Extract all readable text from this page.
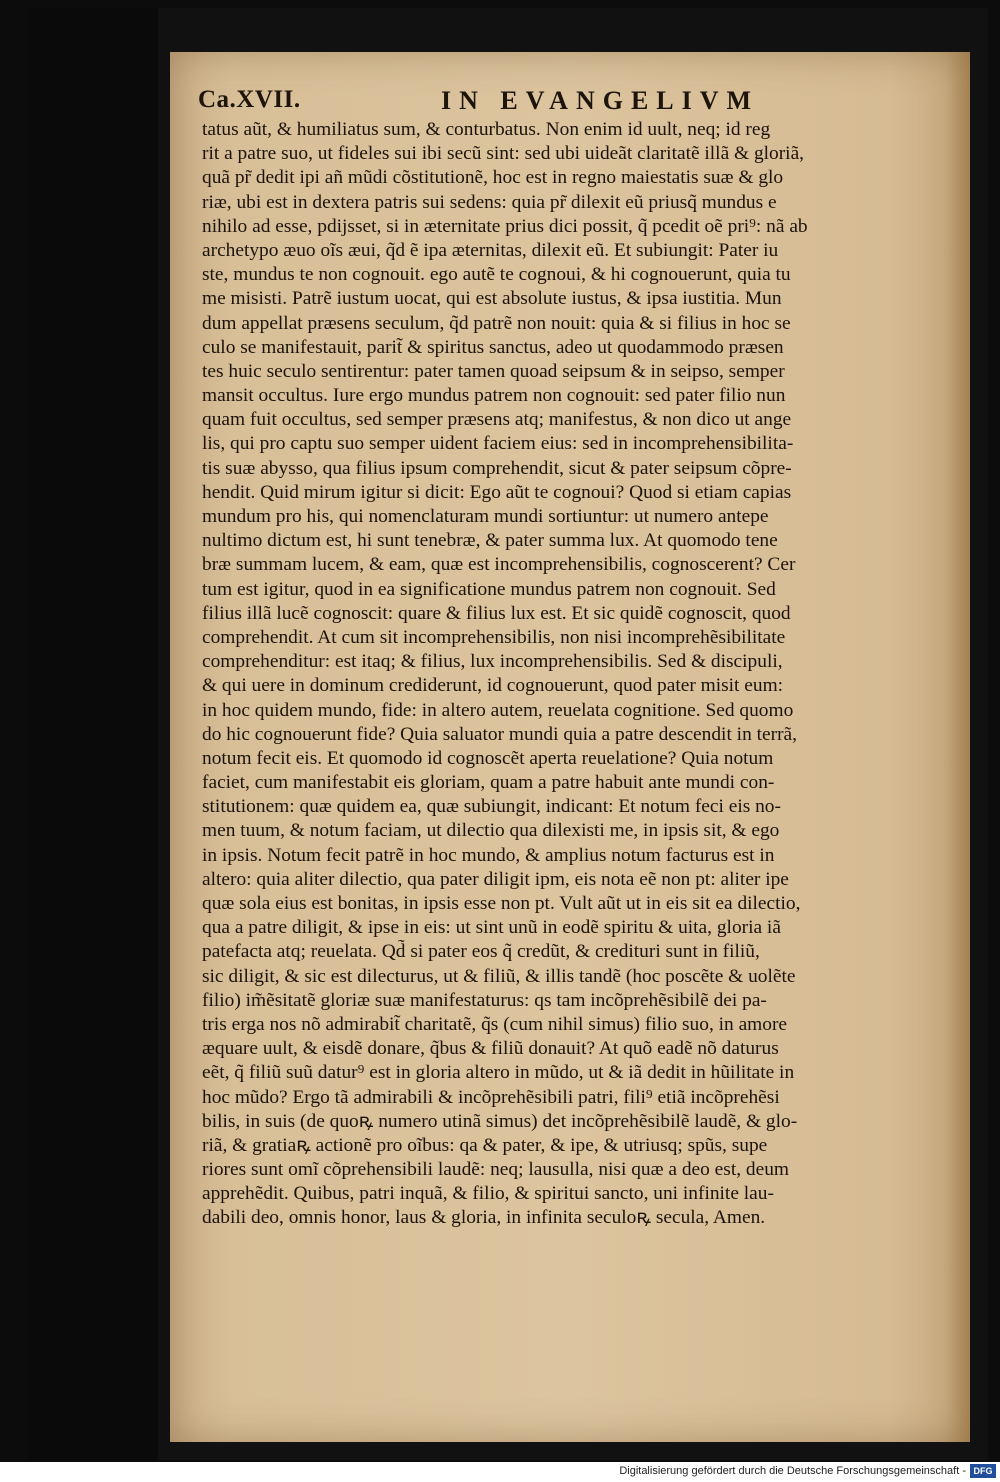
Ca.XVII.	IN EVANGELIVM
tatus aũt, & humiliatus sum, & conturbatus. Non enim id uult, neq; id reg
rit a patre suo, ut fideles sui ibi secũ sint: sed ubi uideãt claritatẽ illã & gloriã,
quã pr̃ dedit ipi añ mũdi cõstitutionẽ, hoc est in regno maiestatis suæ & glo
riæ, ubi est in dextera patris sui sedens: quia pr̃ dilexit eũ priusq̃ mundus e
nihilo ad esse, pdijsset, si in æternitate prius dici possit, q̃ pcedit oẽ pri⁹: nã ab
archetypo æuo oĩs æui, q̃d ẽ ipa æternitas, dilexit eũ. Et subiungit: Pater iu
ste, mundus te non cognouit. ego autẽ te cognoui, & hi cognouerunt, quia tu
me misisti. Patrẽ iustum uocat, qui est absolute iustus, & ipsa iustitia. Mun
dum appellat præsens seculum, q̃d patrẽ non nouit: quia & si filius in hoc se
culo se manifestauit, parit̃ & spiritus sanctus, adeo ut quodammodo præsen
tes huic seculo sentirentur: pater tamen quoad seipsum & in seipso, semper
mansit occultus. Iure ergo mundus patrem non cognouit: sed pater filio nun
quam fuit occultus, sed semper præsens atq; manifestus, & non dico ut ange
lis, qui pro captu suo semper uident faciem eius: sed in incomprehensibilita-
tis suæ abysso, qua filius ipsum comprehendit, sicut & pater seipsum cõpre-
hendit. Quid mirum igitur si dicit: Ego aũt te cognoui? Quod si etiam capias
mundum pro his, qui nomenclaturam mundi sortiuntur: ut numero antepe
nultimo dictum est, hi sunt tenebræ, & pater summa lux. At quomodo tene
bræ summam lucem, & eam, quæ est incomprehensibilis, cognoscerent? Cer
tum est igitur, quod in ea significatione mundus patrem non cognouit. Sed
filius illã lucẽ cognoscit: quare & filius lux est. Et sic quidẽ cognoscit, quod
comprehendit. At cum sit incomprehensibilis, non nisi incomprehẽsibilitate
comprehenditur: est itaq; & filius, lux incomprehensibilis. Sed & discipuli,
& qui uere in dominum crediderunt, id cognouerunt, quod pater misit eum:
in hoc quidem mundo, fide: in altero autem, reuelata cognitione. Sed quomo
do hic cognouerunt fide? Quia saluator mundi quia a patre descendit in terrã,
notum fecit eis. Et quomodo id cognoscẽt aperta reuelatione? Quia notum
faciet, cum manifestabit eis gloriam, quam a patre habuit ante mundi con-
stitutionem: quæ quidem ea, quæ subiungit, indicant: Et notum feci eis no-
men tuum, & notum faciam, ut dilectio qua dilexisti me, in ipsis sit, & ego
in ipsis. Notum fecit patrẽ in hoc mundo, & amplius notum facturus est in
altero: quia aliter dilectio, qua pater diligit ipm, eis nota eẽ non pt: aliter ipe
quæ sola eius est bonitas, in ipsis esse non pt. Vult aũt ut in eis sit ea dilectio,
qua a patre diligit, & ipse in eis: ut sint unũ in eodẽ spiritu & uita, gloria iã
patefacta atq; reuelata. Qd̃ si pater eos q̃ credũt, & credituri sunt in filiũ,
sic diligit, & sic est dilecturus, ut & filiũ, & illis tandẽ (hoc poscẽte & uolẽte
filio) im̃ẽsitatẽ gloriæ suæ manifestaturus: qs tam incõprehẽsibilẽ dei pa-
tris erga nos nõ admirabit̃ charitatẽ, q̃s (cum nihil simus) filio suo, in amore
æquare uult, & eisdẽ donare, q̃bus & filiũ donauit? At quõ eadẽ nõ daturus
eẽt, q̃ filiũ suũ datur⁹ est in gloria altero in mũdo, ut & iã dedit in hũilitate in
hoc mũdo? Ergo tã admirabili & incõprehẽsibili patri, fili⁹ etiã incõprehẽsi
bilis, in suis (de quoꝶ numero utinã simus) det incõprehẽsibilẽ laudẽ, & glo-
riã, & gratiaꝶ actionẽ pro oĩbus: qa & pater, & ipe, & utriusq; spũs, supe
riores sunt omĩ cõprehensibili laudẽ: neq; lausulla, nisi quæ a deo est, deum
apprehẽdit. Quibus, patri inquã, & filio, & spiritui sancto, uni infinite lau-
dabili deo, omnis honor, laus & gloria, in infinita seculoꝶ secula, Amen.
Digitalisierung gefördert durch die Deutsche Forschungsgemeinschaft - DFG
